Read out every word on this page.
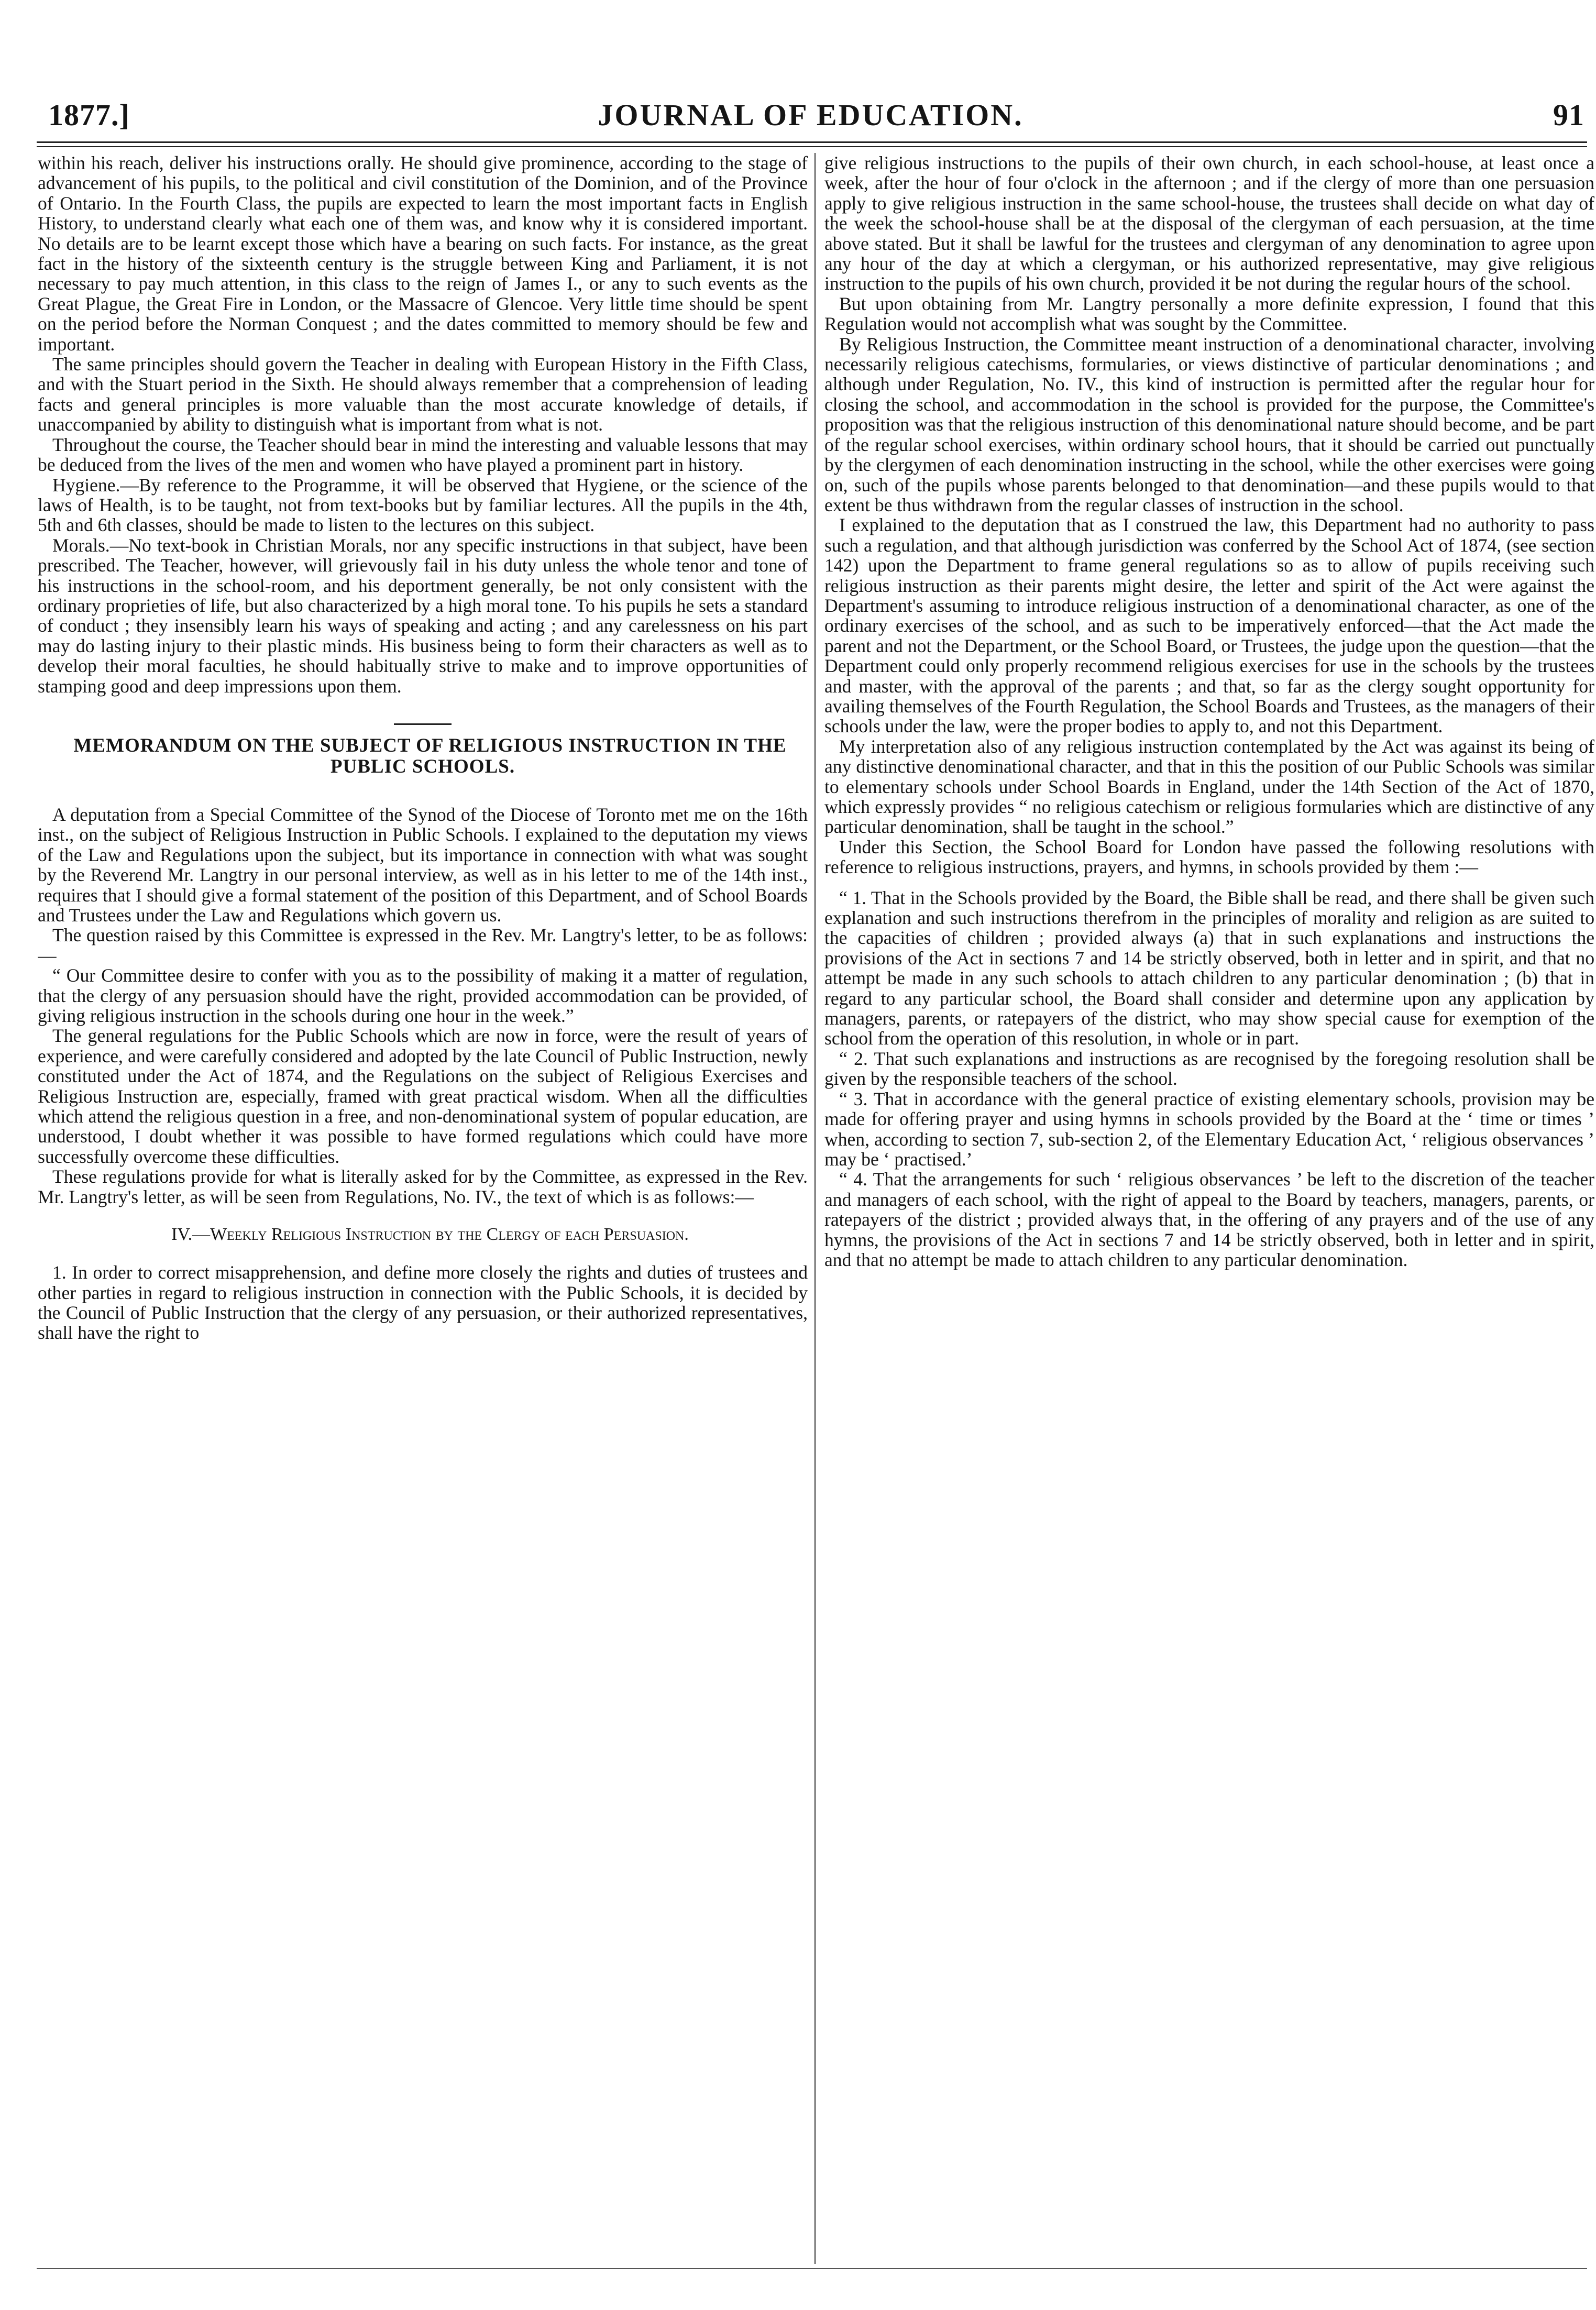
1877.]	JOURNAL OF EDUCATION.	91

within his reach, deliver his instructions orally. He should give prominence, according to the stage of advancement of his pupils, to the political and civil constitution of the Dominion, and of the Province of Ontario. In the Fourth Class, the pupils are expected to learn the most important facts in English History, to understand clearly what each one of them was, and know why it is considered important. No details are to be learnt except those which have a bearing on such facts. For instance, as the great fact in the history of the sixteenth century is the struggle between King and Parliament, it is not necessary to pay much attention, in this class to the reign of James I., or any to such events as the Great Plague, the Great Fire in London, or the Massacre of Glencoe. Very little time should be spent on the period before the Norman Conquest ; and the dates committed to memory should be few and important.

The same principles should govern the Teacher in dealing with European History in the Fifth Class, and with the Stuart period in the Sixth. He should always remember that a comprehension of leading facts and general principles is more valuable than the most accurate knowledge of details, if unaccompanied by ability to distinguish what is important from what is not.

Throughout the course, the Teacher should bear in mind the interesting and valuable lessons that may be deduced from the lives of the men and women who have played a prominent part in history.

Hygiene.—By reference to the Programme, it will be observed that Hygiene, or the science of the laws of Health, is to be taught, not from text-books but by familiar lectures. All the pupils in the 4th, 5th and 6th classes, should be made to listen to the lectures on this subject.

Morals.—No text-book in Christian Morals, nor any specific instructions in that subject, have been prescribed. The Teacher, however, will grievously fail in his duty unless the whole tenor and tone of his instructions in the school-room, and his deportment generally, be not only consistent with the ordinary proprieties of life, but also characterized by a high moral tone. To his pupils he sets a standard of conduct ; they insensibly learn his ways of speaking and acting ; and any carelessness on his part may do lasting injury to their plastic minds. His business being to form their characters as well as to develop their moral faculties, he should habitually strive to make and to improve opportunities of stamping good and deep impressions upon them.

MEMORANDUM ON THE SUBJECT OF RELIGIOUS INSTRUCTION IN THE PUBLIC SCHOOLS.

A deputation from a Special Committee of the Synod of the Diocese of Toronto met me on the 16th inst., on the subject of Religious Instruction in Public Schools. I explained to the deputation my views of the Law and Regulations upon the subject, but its importance in connection with what was sought by the Reverend Mr. Langtry in our personal interview, as well as in his letter to me of the 14th inst., requires that I should give a formal statement of the position of this Department, and of School Boards and Trustees under the Law and Regulations which govern us.

The question raised by this Committee is expressed in the Rev. Mr. Langtry's letter, to be as follows:—

“ Our Committee desire to confer with you as to the possibility of making it a matter of regulation, that the clergy of any persuasion should have the right, provided accommodation can be provided, of giving religious instruction in the schools during one hour in the week.”

The general regulations for the Public Schools which are now in force, were the result of years of experience, and were carefully considered and adopted by the late Council of Public Instruction, newly constituted under the Act of 1874, and the Regulations on the subject of Religious Exercises and Religious Instruction are, especially, framed with great practical wisdom. When all the difficulties which attend the religious question in a free, and non-denominational system of popular education, are understood, I doubt whether it was possible to have formed regulations which could have more successfully overcome these difficulties.

These regulations provide for what is literally asked for by the Committee, as expressed in the Rev. Mr. Langtry's letter, as will be seen from Regulations, No. IV., the text of which is as follows:—

IV.—Weekly Religious Instruction by the Clergy of each Persuasion.

1. In order to correct misapprehension, and define more closely the rights and duties of trustees and other parties in regard to religious instruction in connection with the Public Schools, it is decided by the Council of Public Instruction that the clergy of any persuasion, or their authorized representatives, shall have the right to

give religious instructions to the pupils of their own church, in each school-house, at least once a week, after the hour of four o'clock in the afternoon ; and if the clergy of more than one persuasion apply to give religious instruction in the same school-house, the trustees shall decide on what day of the week the school-house shall be at the disposal of the clergyman of each persuasion, at the time above stated. But it shall be lawful for the trustees and clergyman of any denomination to agree upon any hour of the day at which a clergyman, or his authorized representative, may give religious instruction to the pupils of his own church, provided it be not during the regular hours of the school.

But upon obtaining from Mr. Langtry personally a more definite expression, I found that this Regulation would not accomplish what was sought by the Committee.

By Religious Instruction, the Committee meant instruction of a denominational character, involving necessarily religious catechisms, formularies, or views distinctive of particular denominations ; and although under Regulation, No. IV., this kind of instruction is permitted after the regular hour for closing the school, and accommodation in the school is provided for the purpose, the Committee's proposition was that the religious instruction of this denominational nature should become, and be part of the regular school exercises, within ordinary school hours, that it should be carried out punctually by the clergymen of each denomination instructing in the school, while the other exercises were going on, such of the pupils whose parents belonged to that denomination—and these pupils would to that extent be thus withdrawn from the regular classes of instruction in the school.

I explained to the deputation that as I construed the law, this Department had no authority to pass such a regulation, and that although jurisdiction was conferred by the School Act of 1874, (see section 142) upon the Department to frame general regulations so as to allow of pupils receiving such religious instruction as their parents might desire, the letter and spirit of the Act were against the Department's assuming to introduce religious instruction of a denominational character, as one of the ordinary exercises of the school, and as such to be imperatively enforced—that the Act made the parent and not the Department, or the School Board, or Trustees, the judge upon the question—that the Department could only properly recommend religious exercises for use in the schools by the trustees and master, with the approval of the parents ; and that, so far as the clergy sought opportunity for availing themselves of the Fourth Regulation, the School Boards and Trustees, as the managers of their schools under the law, were the proper bodies to apply to, and not this Department.

My interpretation also of any religious instruction contemplated by the Act was against its being of any distinctive denominational character, and that in this the position of our Public Schools was similar to elementary schools under School Boards in England, under the 14th Section of the Act of 1870, which expressly provides “ no religious catechism or religious formularies which are distinctive of any particular denomination, shall be taught in the school.”

Under this Section, the School Board for London have passed the following resolutions with reference to religious instructions, prayers, and hymns, in schools provided by them :—

“ 1. That in the Schools provided by the Board, the Bible shall be read, and there shall be given such explanation and such instructions therefrom in the principles of morality and religion as are suited to the capacities of children ; provided always (a) that in such explanations and instructions the provisions of the Act in sections 7 and 14 be strictly observed, both in letter and in spirit, and that no attempt be made in any such schools to attach children to any particular denomination ; (b) that in regard to any particular school, the Board shall consider and determine upon any application by managers, parents, or ratepayers of the district, who may show special cause for exemption of the school from the operation of this resolution, in whole or in part.

“ 2. That such explanations and instructions as are recognised by the foregoing resolution shall be given by the responsible teachers of the school.

“ 3. That in accordance with the general practice of existing elementary schools, provision may be made for offering prayer and using hymns in schools provided by the Board at the ‘ time or times ’ when, according to section 7, sub-section 2, of the Elementary Education Act, ‘ religious observances ’ may be ‘ practised.’

“ 4. That the arrangements for such ‘ religious observances ’ be left to the discretion of the teacher and managers of each school, with the right of appeal to the Board by teachers, managers, parents, or ratepayers of the district ; provided always that, in the offering of any prayers and of the use of any hymns, the provisions of the Act in sections 7 and 14 be strictly observed, both in letter and in spirit, and that no attempt be made to attach children to any particular denomination.
